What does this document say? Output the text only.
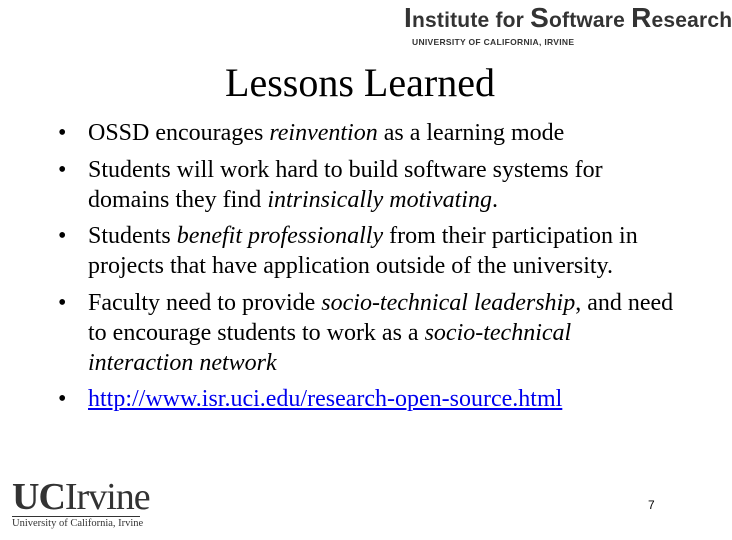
Institute for Software Research
UNIVERSITY OF CALIFORNIA, IRVINE
Lessons Learned
• OSSD encourages reinvention as a learning mode
• Students will work hard to build software systems for domains they find intrinsically motivating.
• Students benefit professionally from their participation in projects that have application outside of the university.
• Faculty need to provide socio-technical leadership, and need to encourage students to work as a socio-technical interaction network
• http://www.isr.uci.edu/research-open-source.html
UCIrvine
University of California, Irvine
7
